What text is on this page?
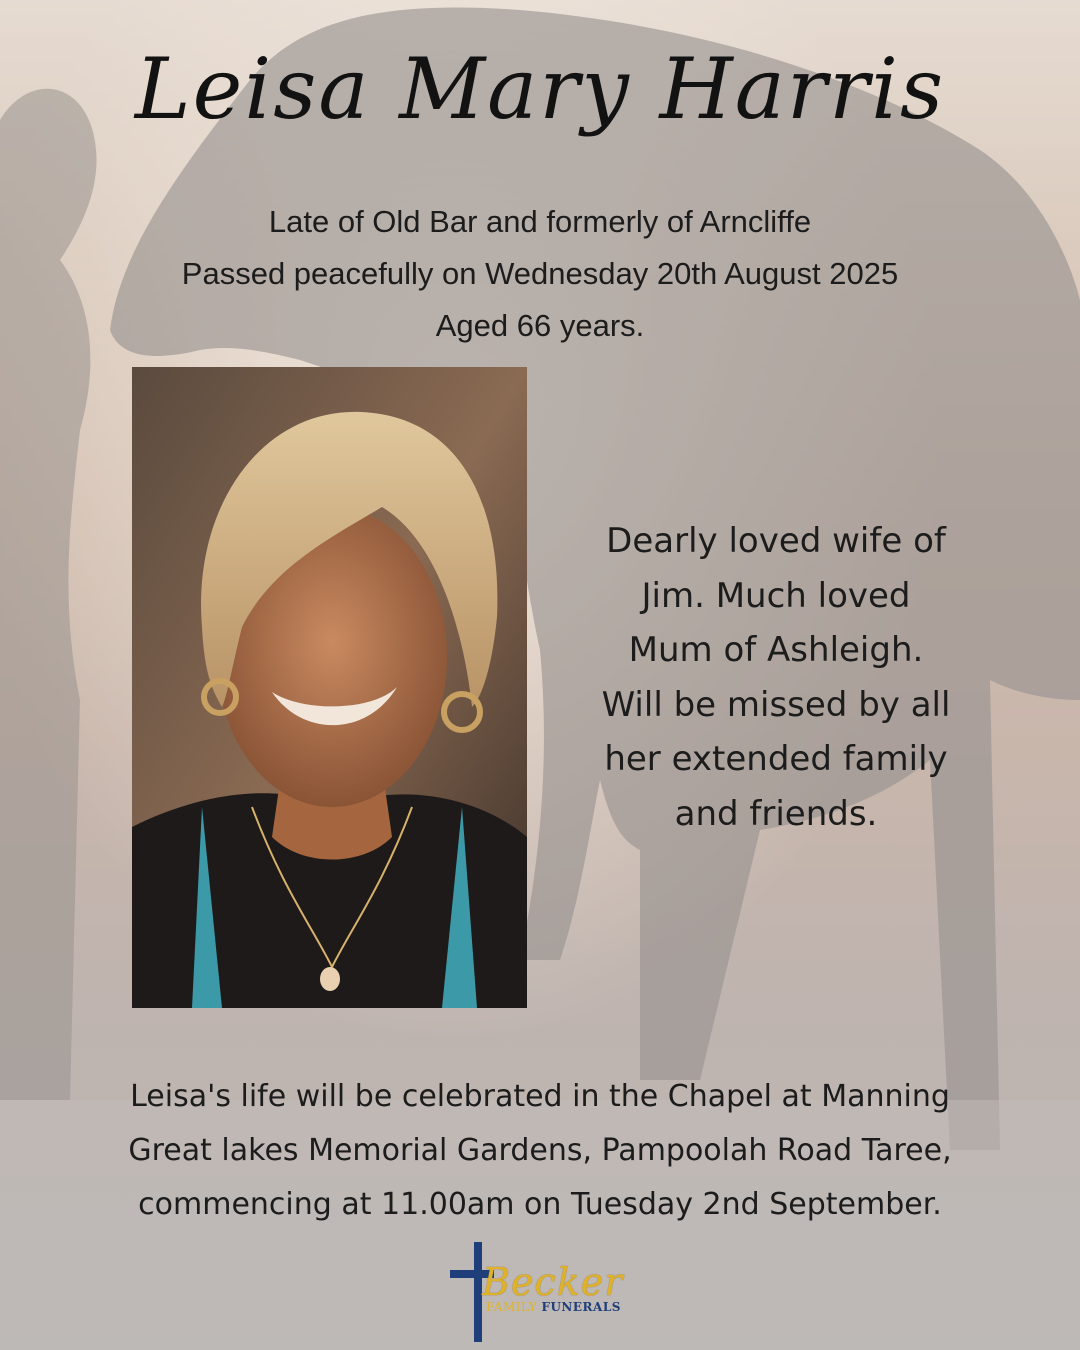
Leisa Mary Harris
Late of Old Bar and formerly of Arncliffe
Passed peacefully on Wednesday 20th August 2025
Aged 66 years.
Dearly loved wife of
Jim. Much loved
Mum of Ashleigh.
Will be missed by all
her extended family
and friends.
Leisa's life will be celebrated in the Chapel at Manning
Great lakes Memorial Gardens, Pampoolah Road Taree,
commencing at 11.00am on Tuesday 2nd September.
Becker
FAMILY FUNERALS
